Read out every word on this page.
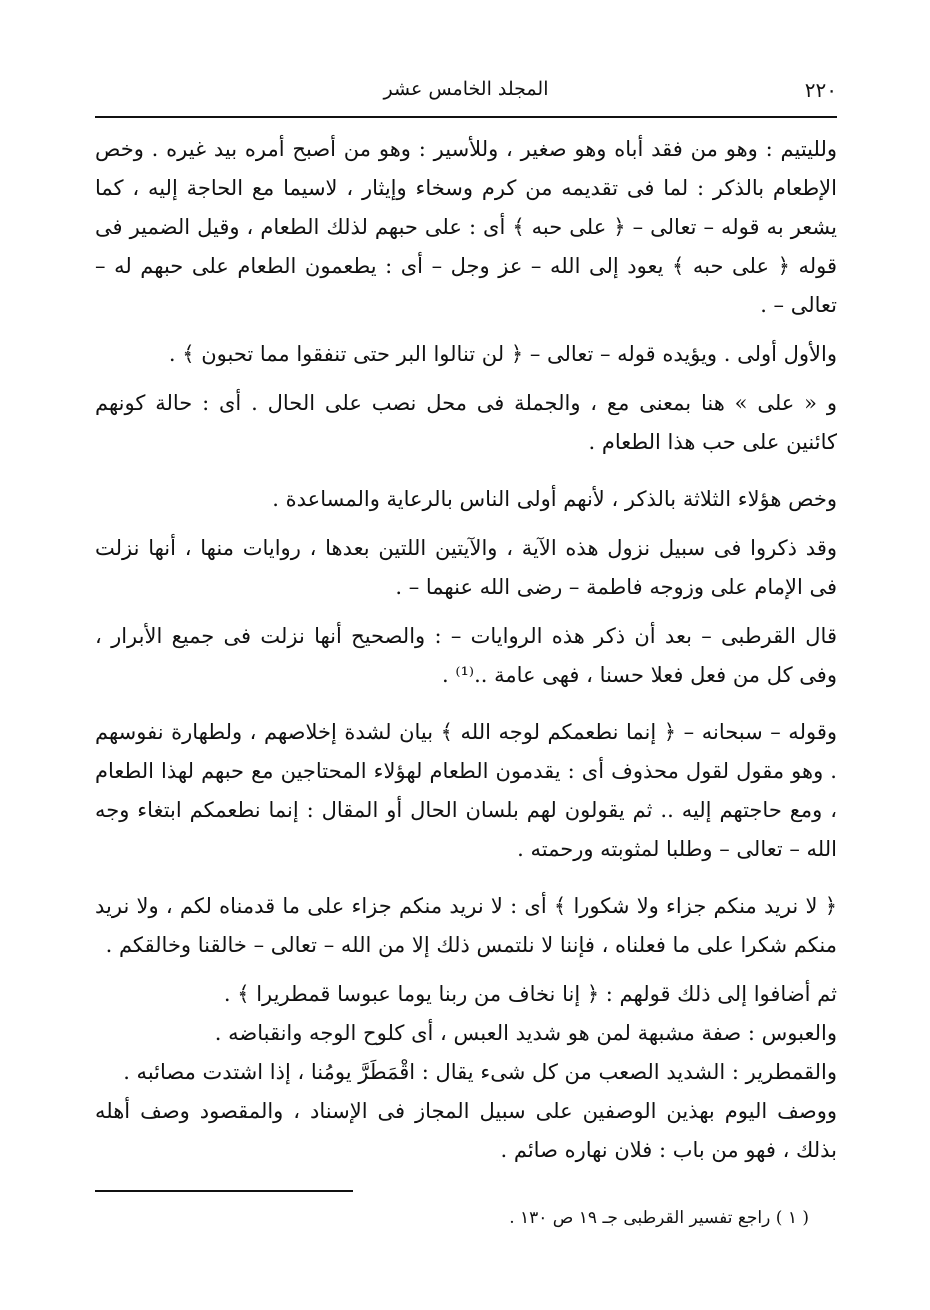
٢٢٠
المجلد الخامس عشر

ولليتيم : وهو من فقد أباه وهو صغير ، وللأسير : وهو من أصبح أمره بيد غيره . وخص الإطعام بالذكر : لما فى تقديمه من كرم وسخاء وإيثار ، لاسيما مع الحاجة إليه ، كما يشعر به قوله – تعالى – ﴿ على حبه ﴾ أى : على حبهم لذلك الطعام ، وقيل الضمير فى قوله ﴿ على حبه ﴾ يعود إلى الله – عز وجل – أى : يطعمون الطعام على حبهم له – تعالى – .

والأول أولى . ويؤيده قوله – تعالى – ﴿ لن تنالوا البر حتى تنفقوا مما تحبون ﴾ .

و « على » هنا بمعنى مع ، والجملة فى محل نصب على الحال . أى : حالة كونهم كائنين على حب هذا الطعام .

وخص هؤلاء الثلاثة بالذكر ، لأنهم أولى الناس بالرعاية والمساعدة .

وقد ذكروا فى سبيل نزول هذه الآية ، والآيتين اللتين بعدها ، روايات منها ، أنها نزلت فى الإمام على وزوجه فاطمة – رضى الله عنهما – .

قال القرطبى – بعد أن ذكر هذه الروايات – : والصحيح أنها نزلت فى جميع الأبرار ، وفى كل من فعل فعلا حسنا ، فهى عامة ..⁽¹⁾ .

وقوله – سبحانه – ﴿ إنما نطعمكم لوجه الله ﴾ بيان لشدة إخلاصهم ، ولطهارة نفوسهم . وهو مقول لقول محذوف أى : يقدمون الطعام لهؤلاء المحتاجين مع حبهم لهذا الطعام ، ومع حاجتهم إليه .. ثم يقولون لهم بلسان الحال أو المقال : إنما نطعمكم ابتغاء وجه الله – تعالى – وطلبا لمثوبته ورحمته .

﴿ لا نريد منكم جزاء ولا شكورا ﴾ أى : لا نريد منكم جزاء على ما قدمناه لكم ، ولا نريد منكم شكرا على ما فعلناه ، فإننا لا نلتمس ذلك إلا من الله – تعالى – خالقنا وخالقكم .

ثم أضافوا إلى ذلك قولهم : ﴿ إنا نخاف من ربنا يوما عبوسا قمطريرا ﴾ .

والعبوس : صفة مشبهة لمن هو شديد العبس ، أى كلوح الوجه وانقباضه .

والقمطرير : الشديد الصعب من كل شىء يقال : اقْمَطَرَّ يومُنا ، إذا اشتدت مصائبه .

ووصف اليوم بهذين الوصفين على سبيل المجاز فى الإسناد ، والمقصود وصف أهله بذلك ، فهو من باب : فلان نهاره صائم .

( ١ ) راجع تفسير القرطبى جـ ١٩ ص ١٣٠ .
